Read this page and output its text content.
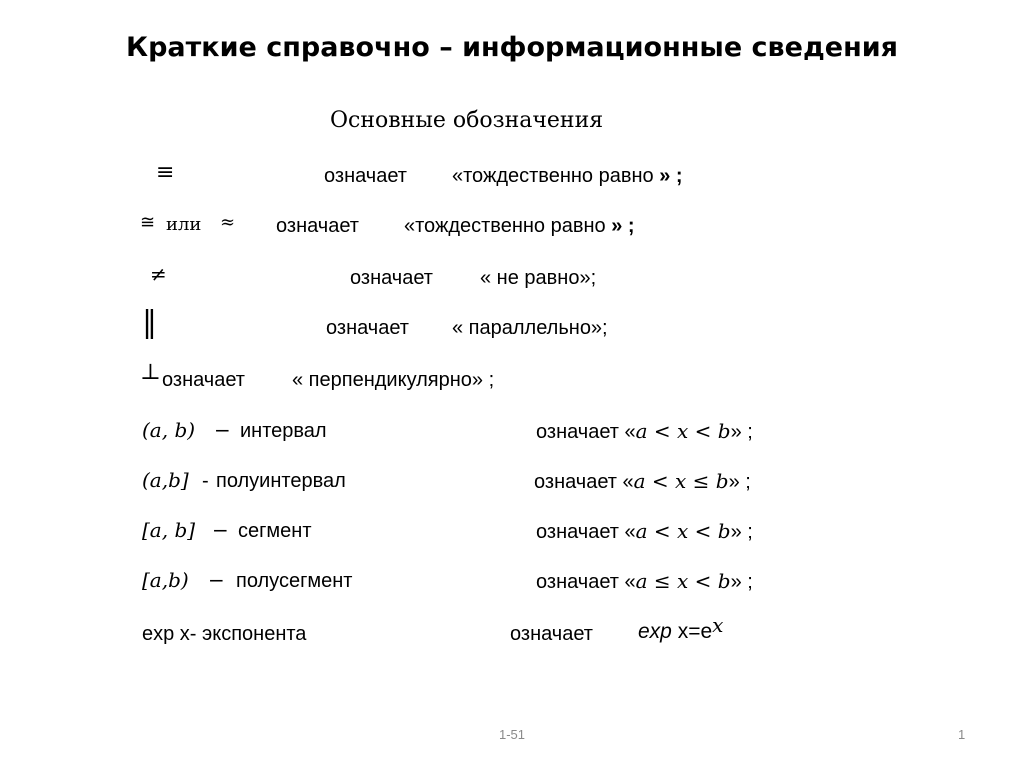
Краткие справочно – информационные сведения
Основные обозначения
≡	означает «тождественно равно » ;
≅ или ≈ означает «тождественно равно » ;
≠	означает « не равно»;
‖	означает « параллельно»;
⊥ означает « перпендикулярно» ;
(a, b) − интервал	означает «a < x < b» ;
(a,b] - полуинтервал	означает «a < x ≤ b» ;
[a, b] − сегмент	означает «a < x < b» ;
[a,b) − полусегмент	означает «a ≤ x < b» ;
exp x- экспонента	означает $\exp x=e^x$
1-51	1
